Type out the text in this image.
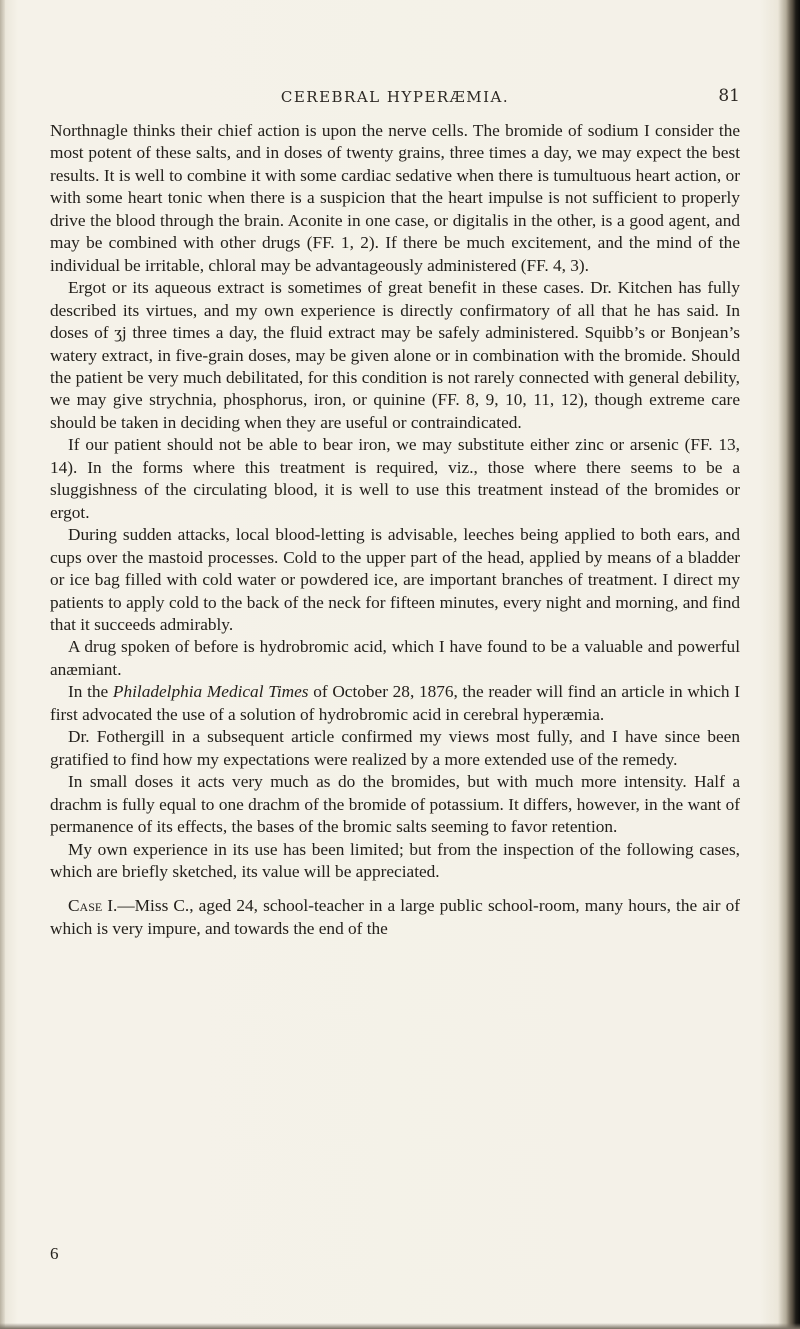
CEREBRAL HYPERÆMIA.	81

Northnagle thinks their chief action is upon the nerve cells. The bromide of sodium I consider the most potent of these salts, and in doses of twenty grains, three times a day, we may expect the best results. It is well to combine it with some cardiac sedative when there is tumultuous heart action, or with some heart tonic when there is a suspicion that the heart impulse is not sufficient to properly drive the blood through the brain. Aconite in one case, or digitalis in the other, is a good agent, and may be combined with other drugs (FF. 1, 2). If there be much excitement, and the mind of the individual be irritable, chloral may be advantageously administered (FF. 4, 3).

Ergot or its aqueous extract is sometimes of great benefit in these cases. Dr. Kitchen has fully described its virtues, and my own experience is directly confirmatory of all that he has said. In doses of ʒj three times a day, the fluid extract may be safely administered. Squibb’s or Bonjean’s watery extract, in five-grain doses, may be given alone or in combination with the bromide. Should the patient be very much debilitated, for this condition is not rarely connected with general debility, we may give strychnia, phosphorus, iron, or quinine (FF. 8, 9, 10, 11, 12), though extreme care should be taken in deciding when they are useful or contraindicated.

If our patient should not be able to bear iron, we may substitute either zinc or arsenic (FF. 13, 14). In the forms where this treatment is required, viz., those where there seems to be a sluggishness of the circulating blood, it is well to use this treatment instead of the bromides or ergot.

During sudden attacks, local blood-letting is advisable, leeches being applied to both ears, and cups over the mastoid processes. Cold to the upper part of the head, applied by means of a bladder or ice bag filled with cold water or powdered ice, are important branches of treatment. I direct my patients to apply cold to the back of the neck for fifteen minutes, every night and morning, and find that it succeeds admirably.

A drug spoken of before is hydrobromic acid, which I have found to be a valuable and powerful anæmiant.

In the Philadelphia Medical Times of October 28, 1876, the reader will find an article in which I first advocated the use of a solution of hydrobromic acid in cerebral hyperæmia.

Dr. Fothergill in a subsequent article confirmed my views most fully, and I have since been gratified to find how my expectations were realized by a more extended use of the remedy.

In small doses it acts very much as do the bromides, but with much more intensity. Half a drachm is fully equal to one drachm of the bromide of potassium. It differs, however, in the want of permanence of its effects, the bases of the bromic salts seeming to favor retention.

My own experience in its use has been limited; but from the inspection of the following cases, which are briefly sketched, its value will be appreciated.

Case I.—Miss C., aged 24, school-teacher in a large public school-room, many hours, the air of which is very impure, and towards the end of the

6
